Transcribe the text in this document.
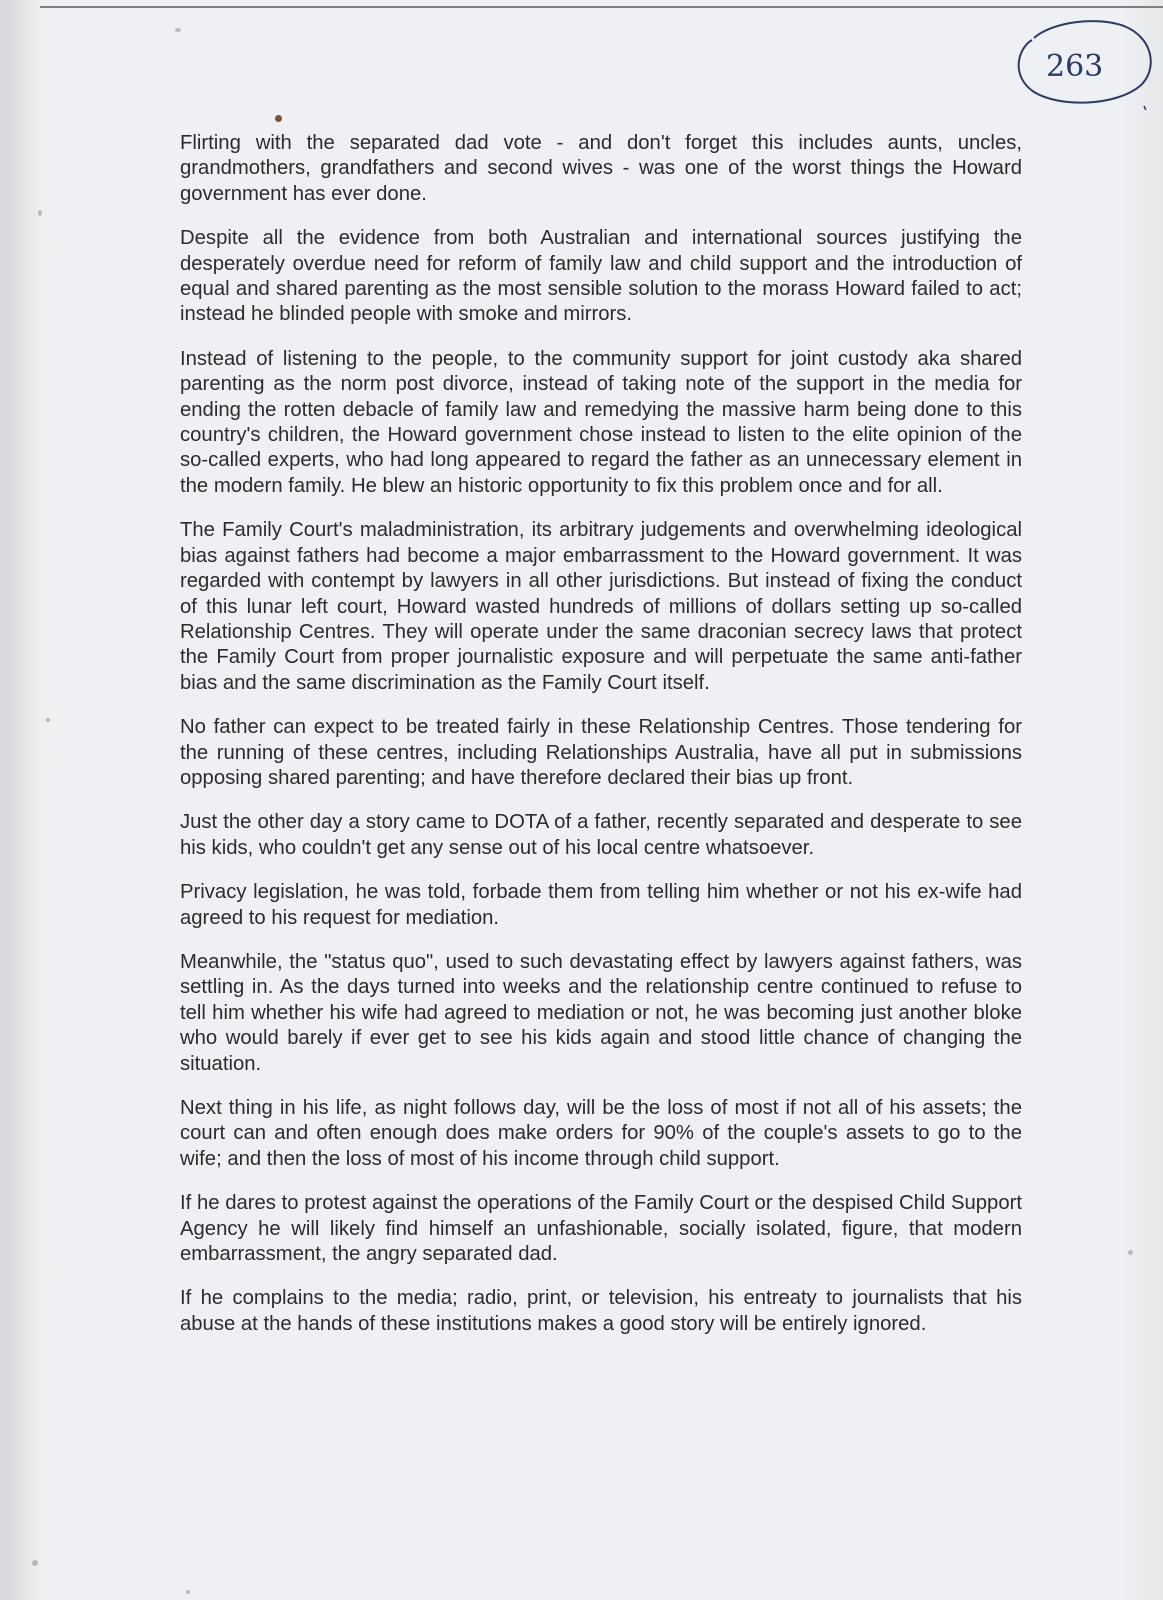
263

Flirting with the separated dad vote - and don't forget this includes aunts, uncles, grandmothers, grandfathers and second wives - was one of the worst things the Howard government has ever done.

Despite all the evidence from both Australian and international sources justifying the desperately overdue need for reform of family law and child support and the introduction of equal and shared parenting as the most sensible solution to the morass Howard failed to act; instead he blinded people with smoke and mirrors.

Instead of listening to the people, to the community support for joint custody aka shared parenting as the norm post divorce, instead of taking note of the support in the media for ending the rotten debacle of family law and remedying the massive harm being done to this country's children, the Howard government chose instead to listen to the elite opinion of the so-called experts, who had long appeared to regard the father as an unnecessary element in the modern family. He blew an historic opportunity to fix this problem once and for all.

The Family Court's maladministration, its arbitrary judgements and overwhelming ideological bias against fathers had become a major embarrassment to the Howard government. It was regarded with contempt by lawyers in all other jurisdictions. But instead of fixing the conduct of this lunar left court, Howard wasted hundreds of millions of dollars setting up so-called Relationship Centres. They will operate under the same draconian secrecy laws that protect the Family Court from proper journalistic exposure and will perpetuate the same anti-father bias and the same discrimination as the Family Court itself.

No father can expect to be treated fairly in these Relationship Centres. Those tendering for the running of these centres, including Relationships Australia, have all put in submissions opposing shared parenting; and have therefore declared their bias up front.

Just the other day a story came to DOTA of a father, recently separated and desperate to see his kids, who couldn't get any sense out of his local centre whatsoever.

Privacy legislation, he was told, forbade them from telling him whether or not his ex-wife had agreed to his request for mediation.

Meanwhile, the "status quo", used to such devastating effect by lawyers against fathers, was settling in. As the days turned into weeks and the relationship centre continued to refuse to tell him whether his wife had agreed to mediation or not, he was becoming just another bloke who would barely if ever get to see his kids again and stood little chance of changing the situation.

Next thing in his life, as night follows day, will be the loss of most if not all of his assets; the court can and often enough does make orders for 90% of the couple's assets to go to the wife; and then the loss of most of his income through child support.

If he dares to protest against the operations of the Family Court or the despised Child Support Agency he will likely find himself an unfashionable, socially isolated, figure, that modern embarrassment, the angry separated dad.

If he complains to the media; radio, print, or television, his entreaty to journalists that his abuse at the hands of these institutions makes a good story will be entirely ignored.
